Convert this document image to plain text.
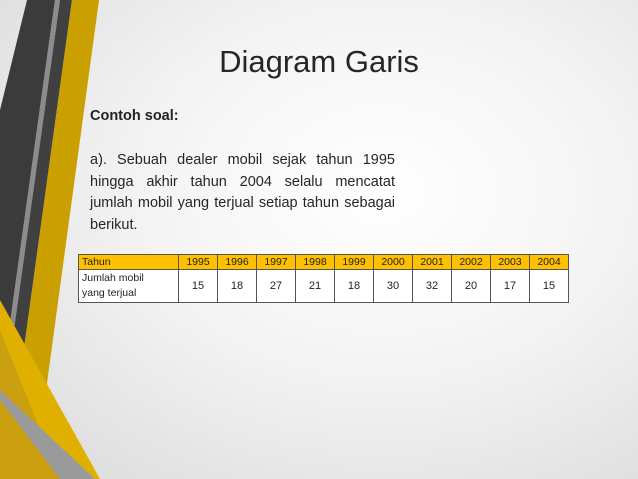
Diagram Garis
Contoh soal:
a). Sebuah dealer mobil sejak tahun 1995 hingga akhir tahun 2004 selalu mencatat jumlah mobil yang terjual setiap tahun sebagai berikut.
Tahun	1995	1996	1997	1998	1999	2000	2001	2002	2003	2004

Jumlah mobil
yang terjual	15	18	27	21	18	30	32	20	17	15
